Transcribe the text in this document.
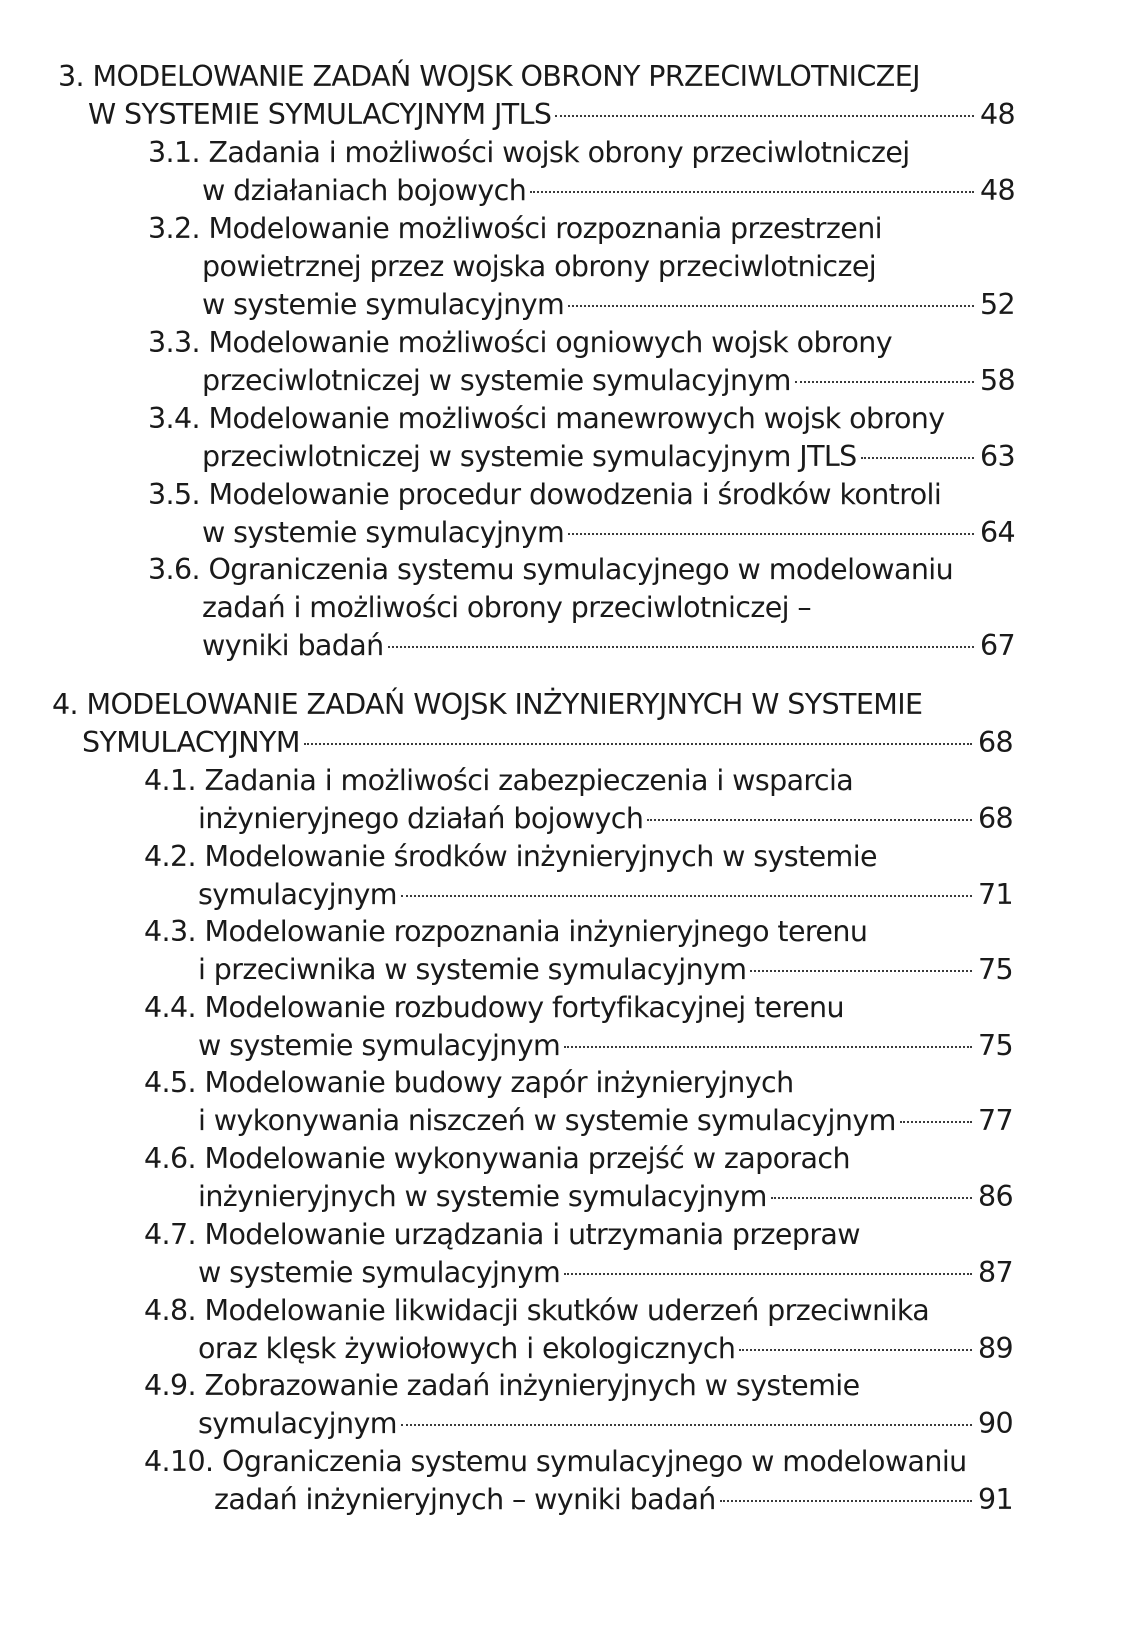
3. MODELOWANIE ZADAŃ WOJSK OBRONY PRZECIWLOTNICZEJ
W SYSTEMIE SYMULACYJNYM JTLS	48
3.1. Zadania i możliwości wojsk obrony przeciwlotniczej
w działaniach bojowych	48
3.2. Modelowanie możliwości rozpoznania przestrzeni
powietrznej przez wojska obrony przeciwlotniczej
w systemie symulacyjnym	52
3.3. Modelowanie możliwości ogniowych wojsk obrony
przeciwlotniczej w systemie symulacyjnym	58
3.4. Modelowanie możliwości manewrowych wojsk obrony
przeciwlotniczej w systemie symulacyjnym JTLS	63
3.5. Modelowanie procedur dowodzenia i środków kontroli
w systemie symulacyjnym	64
3.6. Ograniczenia systemu symulacyjnego w modelowaniu
zadań i możliwości obrony przeciwlotniczej –
wyniki badań	67
4. MODELOWANIE ZADAŃ WOJSK INŻYNIERYJNYCH W SYSTEMIE
SYMULACYJNYM	68
4.1. Zadania i możliwości zabezpieczenia i wsparcia
inżynieryjnego działań bojowych	68
4.2. Modelowanie środków inżynieryjnych w systemie
symulacyjnym	71
4.3. Modelowanie rozpoznania inżynieryjnego terenu
i przeciwnika w systemie symulacyjnym	75
4.4. Modelowanie rozbudowy fortyfikacyjnej terenu
w systemie symulacyjnym	75
4.5. Modelowanie budowy zapór inżynieryjnych
i wykonywania niszczeń w systemie symulacyjnym	77
4.6. Modelowanie wykonywania przejść w zaporach
inżynieryjnych w systemie symulacyjnym	86
4.7. Modelowanie urządzania i utrzymania przepraw
w systemie symulacyjnym	87
4.8. Modelowanie likwidacji skutków uderzeń przeciwnika
oraz klęsk żywiołowych i ekologicznych	89
4.9. Zobrazowanie zadań inżynieryjnych w systemie
symulacyjnym	90
4.10. Ograniczenia systemu symulacyjnego w modelowaniu
zadań inżynieryjnych – wyniki badań	91
